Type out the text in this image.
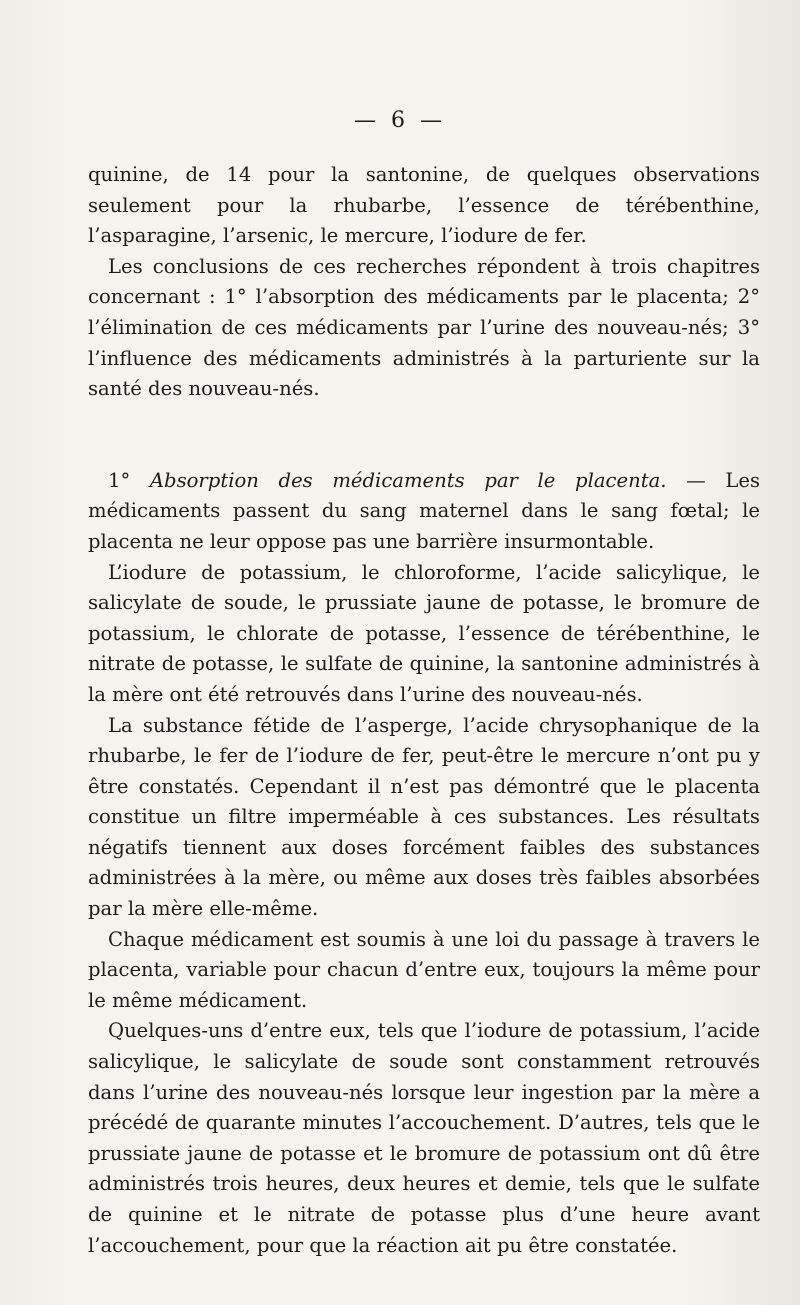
— 6 —

quinine, de 14 pour la santonine, de quelques observations seulement pour la rhubarbe, l’essence de térébenthine, l’asparagine, l’arsenic, le mercure, l’iodure de fer.

Les conclusions de ces recherches répondent à trois chapitres concernant : 1° l’absorption des médicaments par le placenta; 2° l’élimination de ces médicaments par l’urine des nouveau-nés; 3° l’influence des médicaments administrés à la parturiente sur la santé des nouveau-nés.

1° Absorption des médicaments par le placenta. — Les médicaments passent du sang maternel dans le sang fœtal; le placenta ne leur oppose pas une barrière insurmontable.

L’iodure de potassium, le chloroforme, l’acide salicylique, le salicylate de soude, le prussiate jaune de potasse, le bromure de potassium, le chlorate de potasse, l’essence de térébenthine, le nitrate de potasse, le sulfate de quinine, la santonine administrés à la mère ont été retrouvés dans l’urine des nouveau-nés.

La substance fétide de l’asperge, l’acide chrysophanique de la rhubarbe, le fer de l’iodure de fer, peut-être le mercure n’ont pu y être constatés. Cependant il n’est pas démontré que le placenta constitue un filtre imperméable à ces substances. Les résultats négatifs tiennent aux doses forcément faibles des substances administrées à la mère, ou même aux doses très faibles absorbées par la mère elle-même.

Chaque médicament est soumis à une loi du passage à travers le placenta, variable pour chacun d’entre eux, toujours la même pour le même médicament.

Quelques-uns d’entre eux, tels que l’iodure de potassium, l’acide salicylique, le salicylate de soude sont constamment retrouvés dans l’urine des nouveau-nés lorsque leur ingestion par la mère a précédé de quarante minutes l’accouchement. D’autres, tels que le prussiate jaune de potasse et le bromure de potassium ont dû être administrés trois heures, deux heures et demie, tels que le sulfate de quinine et le nitrate de potasse plus d’une heure avant l’accouchement, pour que la réaction ait pu être constatée.
